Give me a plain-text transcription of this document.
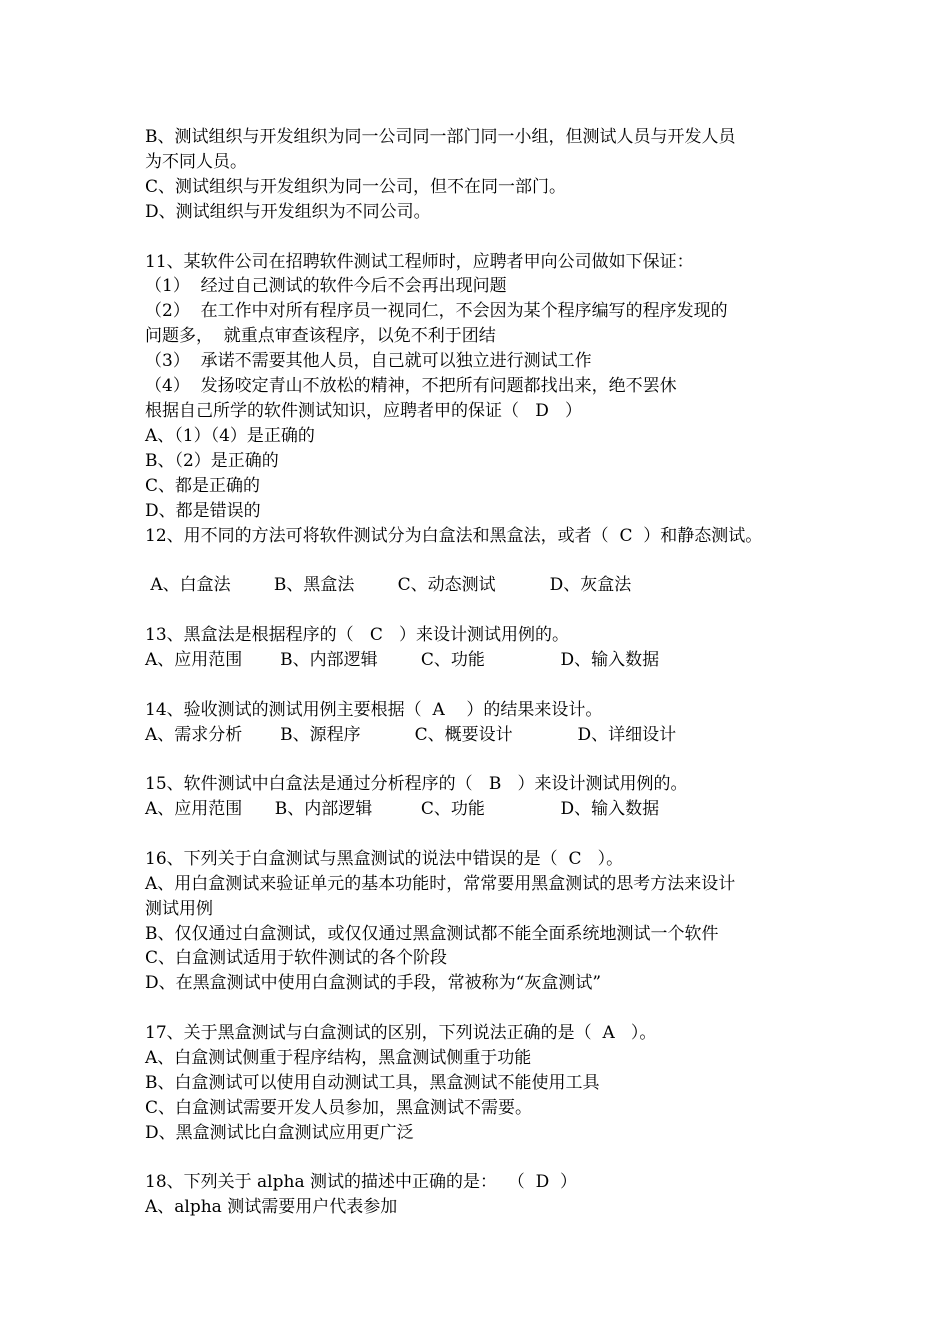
B、测试组织与开发组织为同一公司同一部门同一小组，但测试人员与开发人员
为不同人员。
C、测试组织与开发组织为同一公司，但不在同一部门。
D、测试组织与开发组织为不同公司。
11、某软件公司在招聘软件测试工程师时，应聘者甲向公司做如下保证：
（1）  经过自己测试的软件今后不会再出现问题
（2）  在工作中对所有程序员一视同仁，不会因为某个程序编写的程序发现的
问题多，  就重点审查该程序，以免不利于团结
（3）  承诺不需要其他人员，自己就可以独立进行测试工作
（4）  发扬咬定青山不放松的精神，不把所有问题都找出来，绝不罢休
根据自己所学的软件测试知识，应聘者甲的保证（   D   ）
A、（1）（4）是正确的
B、（2）是正确的
C、都是正确的
D、都是错误的
12、用不同的方法可将软件测试分为白盒法和黑盒法，或者（  C  ）和静态测试。
A、白盒法        B、黑盒法        C、动态测试          D、灰盒法
13、黑盒法是根据程序的（   C   ）来设计测试用例的。
A、应用范围       B、内部逻辑        C、功能              D、输入数据
14、验收测试的测试用例主要根据（  A    ）的结果来设计。
A、需求分析       B、源程序          C、概要设计            D、详细设计
15、软件测试中白盒法是通过分析程序的（   B   ）来设计测试用例的。
A、应用范围      B、内部逻辑         C、功能              D、输入数据
16、下列关于白盒测试与黑盒测试的说法中错误的是（  C   ）。
A、用白盒测试来验证单元的基本功能时，常常要用黑盒测试的思考方法来设计
测试用例
B、仅仅通过白盒测试，或仅仅通过黑盒测试都不能全面系统地测试一个软件
C、白盒测试适用于软件测试的各个阶段
D、在黑盒测试中使用白盒测试的手段，常被称为“灰盒测试”
17、关于黑盒测试与白盒测试的区别，下列说法正确的是（  A   ）。
A、白盒测试侧重于程序结构，黑盒测试侧重于功能
B、白盒测试可以使用自动测试工具，黑盒测试不能使用工具
C、白盒测试需要开发人员参加，黑盒测试不需要。
D、黑盒测试比白盒测试应用更广泛
18、下列关于 alpha 测试的描述中正确的是：  （  D  ）
A、alpha 测试需要用户代表参加
